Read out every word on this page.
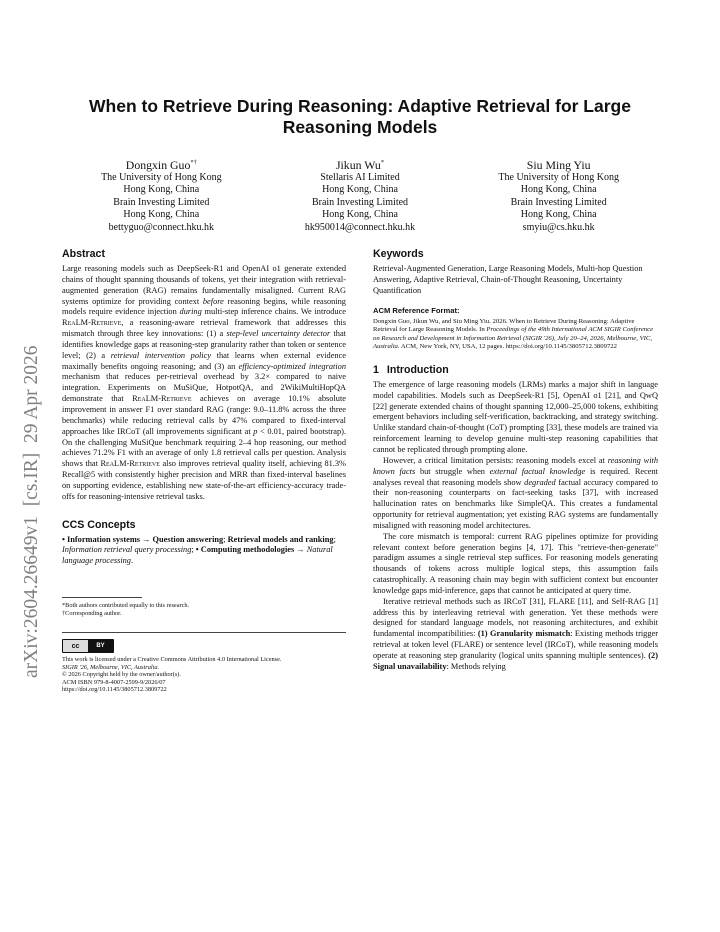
arXiv:2604.26649v1  [cs.IR]  29 Apr 2026
When to Retrieve During Reasoning: Adaptive Retrieval for Large Reasoning Models
Dongxin Guo*†
The University of Hong Kong
Hong Kong, China
Brain Investing Limited
Hong Kong, China
bettyguo@connect.hku.hk
Jikun Wu*
Stellaris AI Limited
Hong Kong, China
Brain Investing Limited
Hong Kong, China
hk950014@connect.hku.hk
Siu Ming Yiu
The University of Hong Kong
Hong Kong, China
Brain Investing Limited
Hong Kong, China
smyiu@cs.hku.hk
Abstract
Large reasoning models such as DeepSeek-R1 and OpenAI o1 generate extended chains of thought spanning thousands of tokens, yet their integration with retrieval-augmented generation (RAG) remains fundamentally misaligned. Current RAG systems optimize for providing context before reasoning begins, while reasoning models require evidence injection during multi-step inference chains. We introduce ReaLM-Retrieve, a reasoning-aware retrieval framework that addresses this mismatch through three key innovations: (1) a step-level uncertainty detector that identifies knowledge gaps at reasoning-step granularity rather than token or sentence level; (2) a retrieval intervention policy that learns when external evidence maximally benefits ongoing reasoning; and (3) an efficiency-optimized integration mechanism that reduces per-retrieval overhead by 3.2× compared to naive integration. Experiments on MuSiQue, HotpotQA, and 2WikiMultiHopQA demonstrate that ReaLM-Retrieve achieves on average 10.1% absolute improvement in answer F1 over standard RAG (range: 9.0–11.8% across the three benchmarks) while reducing retrieval calls by 47% compared to fixed-interval approaches like IRCoT (all improvements significant at p < 0.01, paired bootstrap). On the challenging MuSiQue benchmark requiring 2–4 hop reasoning, our method achieves 71.2% F1 with an average of only 1.8 retrieval calls per question. Analysis shows that ReaLM-Retrieve also improves retrieval quality itself, achieving 81.3% Recall@5 with consistently higher precision and MRR than fixed-interval baselines on supporting evidence, establishing new state-of-the-art efficiency-accuracy trade-offs for reasoning-intensive retrieval tasks.
CCS Concepts
• Information systems → Question answering; Retrieval models and ranking; Information retrieval query processing; • Computing methodologies → Natural language processing.
*Both authors contributed equally to this research.
†Corresponding author.
cc	BY
This work is licensed under a Creative Commons Attribution 4.0 International License.
SIGIR '26, Melbourne, VIC, Australia.
© 2026 Copyright held by the owner/author(s).
ACM ISBN 979-8-4007-2599-9/2026/07
https://doi.org/10.1145/3805712.3809722
Keywords
Retrieval-Augmented Generation, Large Reasoning Models, Multi-hop Question Answering, Adaptive Retrieval, Chain-of-Thought Reasoning, Uncertainty Quantification
ACM Reference Format:
Dongxin Guo, Jikun Wu, and Siu Ming Yiu. 2026. When to Retrieve During Reasoning: Adaptive Retrieval for Large Reasoning Models. In Proceedings of the 49th International ACM SIGIR Conference on Research and Development in Information Retrieval (SIGIR '26), July 20–24, 2026, Melbourne, VIC, Australia. ACM, New York, NY, USA, 12 pages. https://doi.org/10.1145/3805712.3809722
1 Introduction

The emergence of large reasoning models (LRMs) marks a major shift in language model capabilities. Models such as DeepSeek-R1 [5], OpenAI o1 [21], and QwQ [22] generate extended chains of thought spanning 12,000–25,000 tokens, exhibiting emergent behaviors including self-verification, backtracking, and strategy switching. Unlike standard chain-of-thought (CoT) prompting [33], these models are trained via reinforcement learning to develop genuine multi-step reasoning capabilities that cannot be replicated through prompting alone.

However, a critical limitation persists: reasoning models excel at reasoning with known facts but struggle when external factual knowledge is required. Recent analyses reveal that reasoning models show degraded factual accuracy compared to their non-reasoning counterparts on fact-seeking tasks [37], with increased hallucination rates on benchmarks like SimpleQA. This creates a fundamental opportunity for retrieval augmentation; yet existing RAG systems are fundamentally misaligned with reasoning model architectures.

The core mismatch is temporal: current RAG pipelines optimize for providing relevant context before generation begins [4, 17]. This "retrieve-then-generate" paradigm assumes a single retrieval step suffices. For reasoning models generating thousands of tokens across multiple logical steps, this assumption fails catastrophically. A reasoning chain may begin with sufficient context but encounter knowledge gaps mid-inference, gaps that cannot be anticipated at query time.

Iterative retrieval methods such as IRCoT [31], FLARE [11], and Self-RAG [1] address this by interleaving retrieval with generation. Yet these methods were designed for standard language models, not reasoning architectures, and exhibit fundamental incompatibilities: (1) Granularity mismatch: Existing methods trigger retrieval at token level (FLARE) or sentence level (IRCoT), while reasoning models operate at reasoning step granularity (logical units spanning multiple sentences). (2) Signal unavailability: Methods relying
